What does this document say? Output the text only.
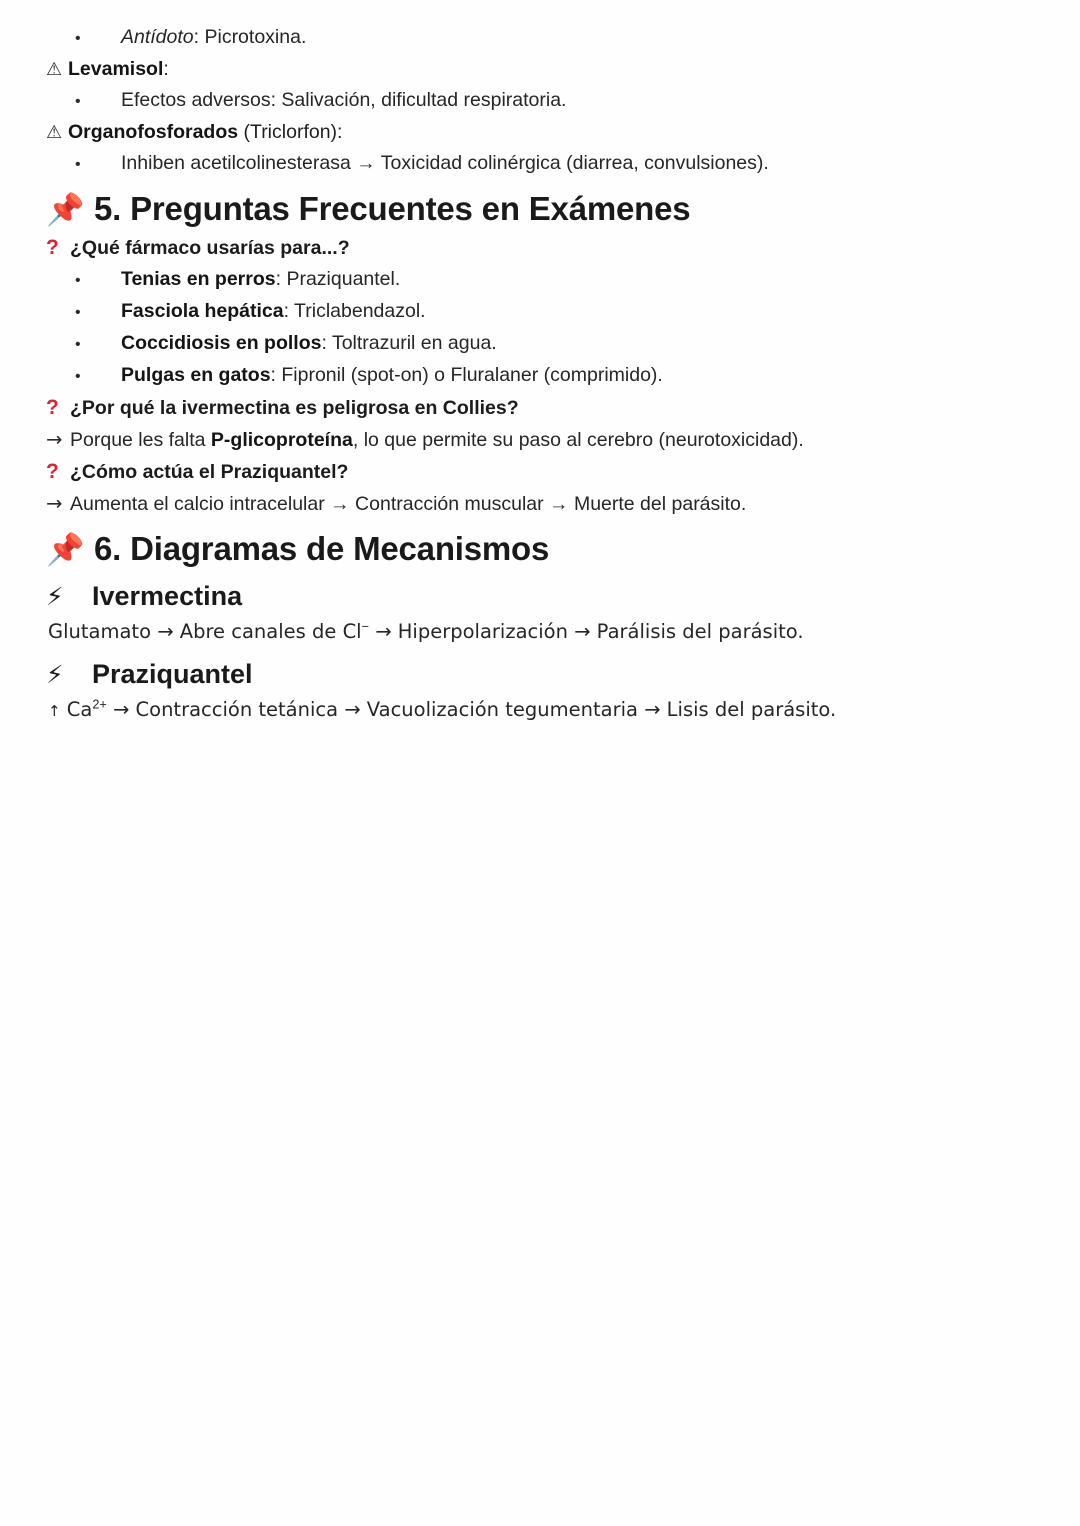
•	Antídoto: Picrotoxina.
⚠ Levamisol:
•	Efectos adversos: Salivación, dificultad respiratoria.
⚠ Organofosforados (Triclorfon):
•	Inhiben acetilcolinesterasa → Toxicidad colinérgica (diarrea, convulsiones).
📌 5. Preguntas Frecuentes en Exámenes
? ¿Qué fármaco usarías para...?
•	Tenias en perros: Praziquantel.
•	Fasciola hepática: Triclabendazol.
•	Coccidiosis en pollos: Toltrazuril en agua.
•	Pulgas en gatos: Fipronil (spot-on) o Fluralaner (comprimido).
? ¿Por qué la ivermectina es peligrosa en Collies?
→ Porque les falta P-glicoproteína, lo que permite su paso al cerebro (neurotoxicidad).
? ¿Cómo actúa el Praziquantel?
→ Aumenta el calcio intracelular → Contracción muscular → Muerte del parásito.
📌 6. Diagramas de Mecanismos
⚡	Ivermectina
Glutamato → Abre canales de Cl− → Hiperpolarización → Parálisis del parásito.
⚡	Praziquantel
↑ $Ca^{2+}$ → Contracción tetánica → Vacuolización tegumentaria → Lisis del parásito.
